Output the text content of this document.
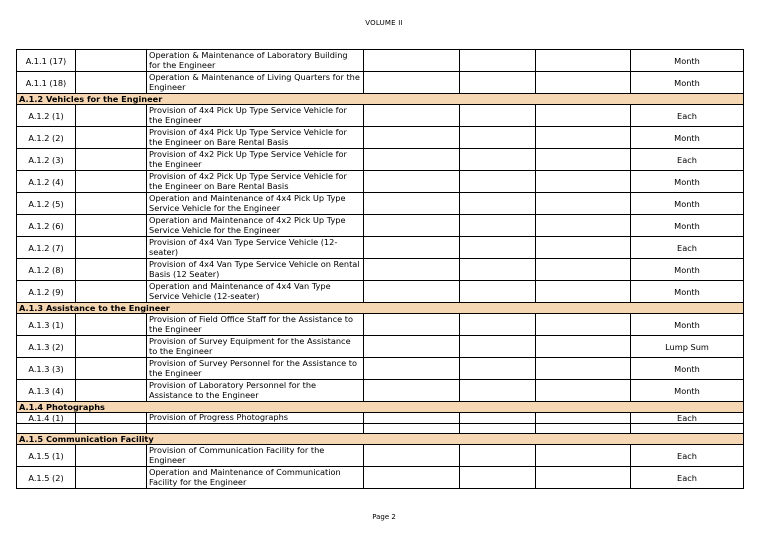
VOLUME II
A.1.1 (17)		Operation & Maintenance of Laboratory Building for the Engineer				Month
A.1.1 (18)		Operation & Maintenance of Living Quarters for the Engineer				Month
A.1.2 Vehicles for the Engineer						
A.1.2 (1)		Provision of 4x4 Pick Up Type Service Vehicle for the Engineer				Each
A.1.2 (2)		Provision of 4x4 Pick Up Type Service Vehicle for the Engineer on Bare Rental Basis				Month
A.1.2 (3)		Provision of 4x2 Pick Up Type Service Vehicle for the Engineer				Each
A.1.2 (4)		Provision of 4x2 Pick Up Type Service Vehicle for the Engineer on Bare Rental Basis				Month
A.1.2 (5)		Operation and Maintenance of 4x4 Pick Up Type Service Vehicle for the Engineer				Month
A.1.2 (6)		Operation and Maintenance of 4x2 Pick Up Type Service Vehicle for the Engineer				Month
A.1.2 (7)		Provision of 4x4 Van Type Service Vehicle (12-seater)				Each
A.1.2 (8)		Provision of 4x4 Van Type Service Vehicle on Rental Basis (12 Seater)				Month
A.1.2 (9)		Operation and Maintenance of 4x4 Van Type Service Vehicle (12-seater)				Month
A.1.3 Assistance to the Engineer						
A.1.3 (1)		Provision of Field Office Staff for the Assistance to the Engineer				Month
A.1.3 (2)		Provision of Survey Equipment for the Assistance to the Engineer				Lump Sum
A.1.3 (3)		Provision of Survey Personnel for the Assistance to the Engineer				Month
A.1.3 (4)		Provision of Laboratory Personnel for the Assistance to the Engineer				Month
A.1.4 Photographs						
A.1.4 (1)		Provision of Progress Photographs				Each

A.1.5 Communication Facility						
A.1.5 (1)		Provision of Communication Facility for the Engineer				Each
A.1.5 (2)		Operation and Maintenance of Communication Facility for the Engineer				Each
Page 2
